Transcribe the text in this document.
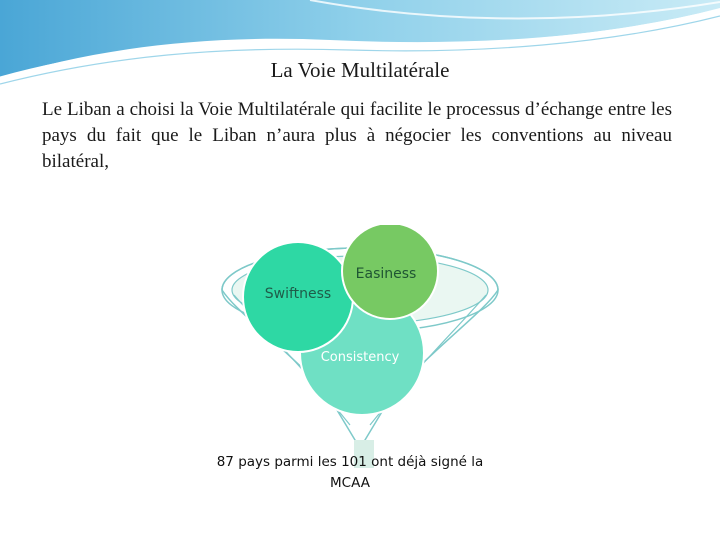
La Voie Multilatérale

Le Liban a choisi la Voie Multilatérale qui facilite le processus d’échange entre les pays du fait que le Liban n’aura plus à négocier les conventions au niveau bilatéral,

Swiftness
Easiness
Consistency
87 pays parmi les 101 ont déjà signé la MCAA
